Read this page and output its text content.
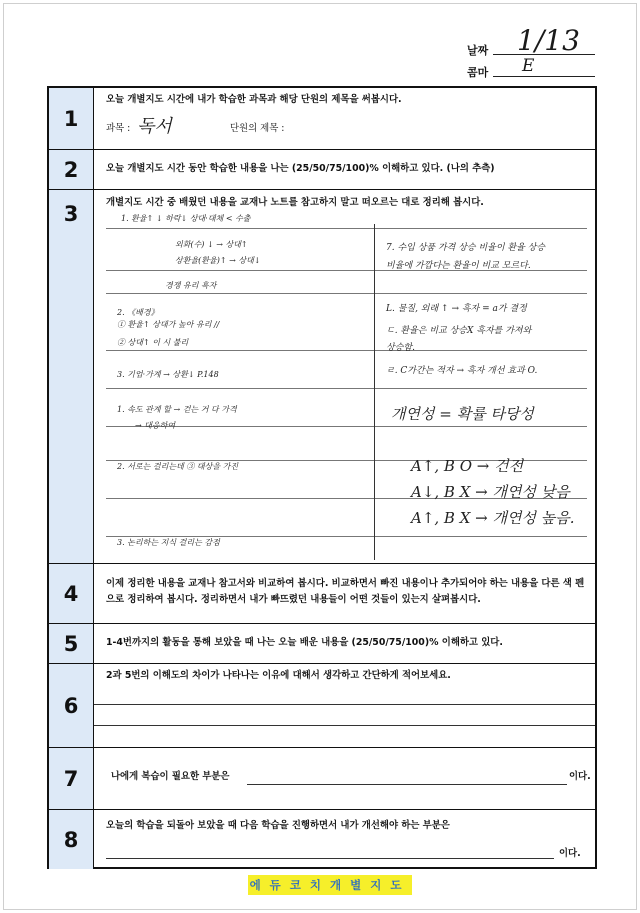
날짜 1/13
콤마 E
1
2
3
4
5
6
7
8
오늘 개별지도 시간에 내가 학습한 과목과 해당 단원의 제목을 써봅시다.
과목 : 독서	단원의 제목 :
오늘 개별지도 시간 동안 학습한 내용을 나는 (25/50/75/100)% 이해하고 있다. (나의 추측)
개별지도 시간 중 배웠던 내용을 교재나 노트를 참고하지 말고 떠오르는 대로 정리해 봅시다.
1. 환율↑ ↓ 하락↓ 상대·대체 < 수출
외화(수) ↓ → 상대↑
상환율(환율)↑ → 상대↓
경쟁 유리 흑자
2. 《배경》
① 환율↑ 상대가 높아 유리 //
② 상대↑ 이 시 불리
3. 기업·가계 → 상환↓ P.148
1. 속도 관계 할 → 걷는 거 다 가격
→ 대응하여
2. 서로는 걸리는데 ③ 대상을 가진
3. 논리하는 지식 걸리는 감점
7. 수입 상품 가격 상승 비율이 환율 상승
비율에 가깝다는 환율이 비교 모르다.
L. 물질, 외래 ↑ → 흑자 = a가 결정
ㄷ. 환율은 비교 상승X 흑자를 가져와
상승함.
ㄹ. C가간는 적자 → 흑자 개선 효과 O.
개연성 = 확률 타당성
A↑, B O → 건전
A↓, B X → 개연성 낮음
A↑, B X → 개연성 높음.
이제 정리한 내용을 교재나 참고서와 비교하여 봅시다. 비교하면서 빠진 내용이나 추가되어야 하는 내용을 다른 색 펜으로 정리하여 봅시다. 정리하면서 내가 빠뜨렸던 내용들이 어떤 것들이 있는지 살펴봅시다.
1-4번까지의 활동을 통해 보았을 때 나는 오늘 배운 내용을 (25/50/75/100)% 이해하고 있다.
2과 5번의 이해도의 차이가 나타나는 이유에 대해서 생각하고 간단하게 적어보세요.
나에게 복습이 필요한 부분은	이다.
오늘의 학습을 되돌아 보았을 때 다음 학습을 진행하면서 내가 개선해야 하는 부분은
이다.
에듀코치개별지도
